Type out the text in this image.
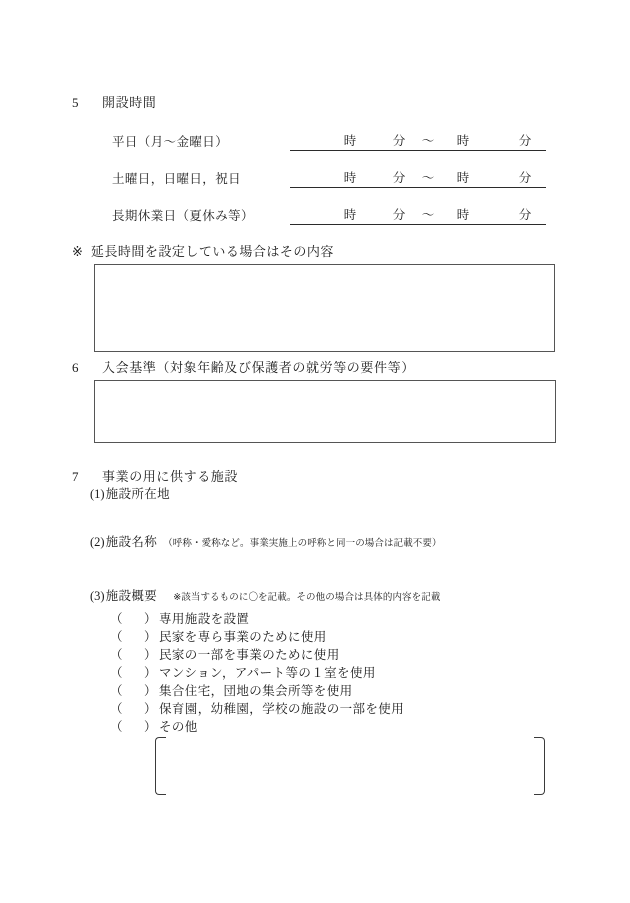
5	開設時間
平日（月～金曜日）	時	分	～	時	分
土曜日，日曜日，祝日	時	分	～	時	分
長期休業日（夏休み等）	時	分	～	時	分
※ 延長時間を設定している場合はその内容
6	入会基準（対象年齢及び保護者の就労等の要件等）
7	事業の用に供する施設
(1) 施設所在地
(2) 施設名称 （呼称・愛称など。事業実施上の呼称と同一の場合は記載不要）
(3) 施設概要 ※該当するものに〇を記載。その他の場合は具体的内容を記載
（	） 専用施設を設置
（	） 民家を専ら事業のために使用
（	） 民家の一部を事業のために使用
（	） マンション，アパート等の１室を使用
（	） 集合住宅，団地の集会所等を使用
（	） 保育園，幼稚園，学校の施設の一部を使用
（	） その他
